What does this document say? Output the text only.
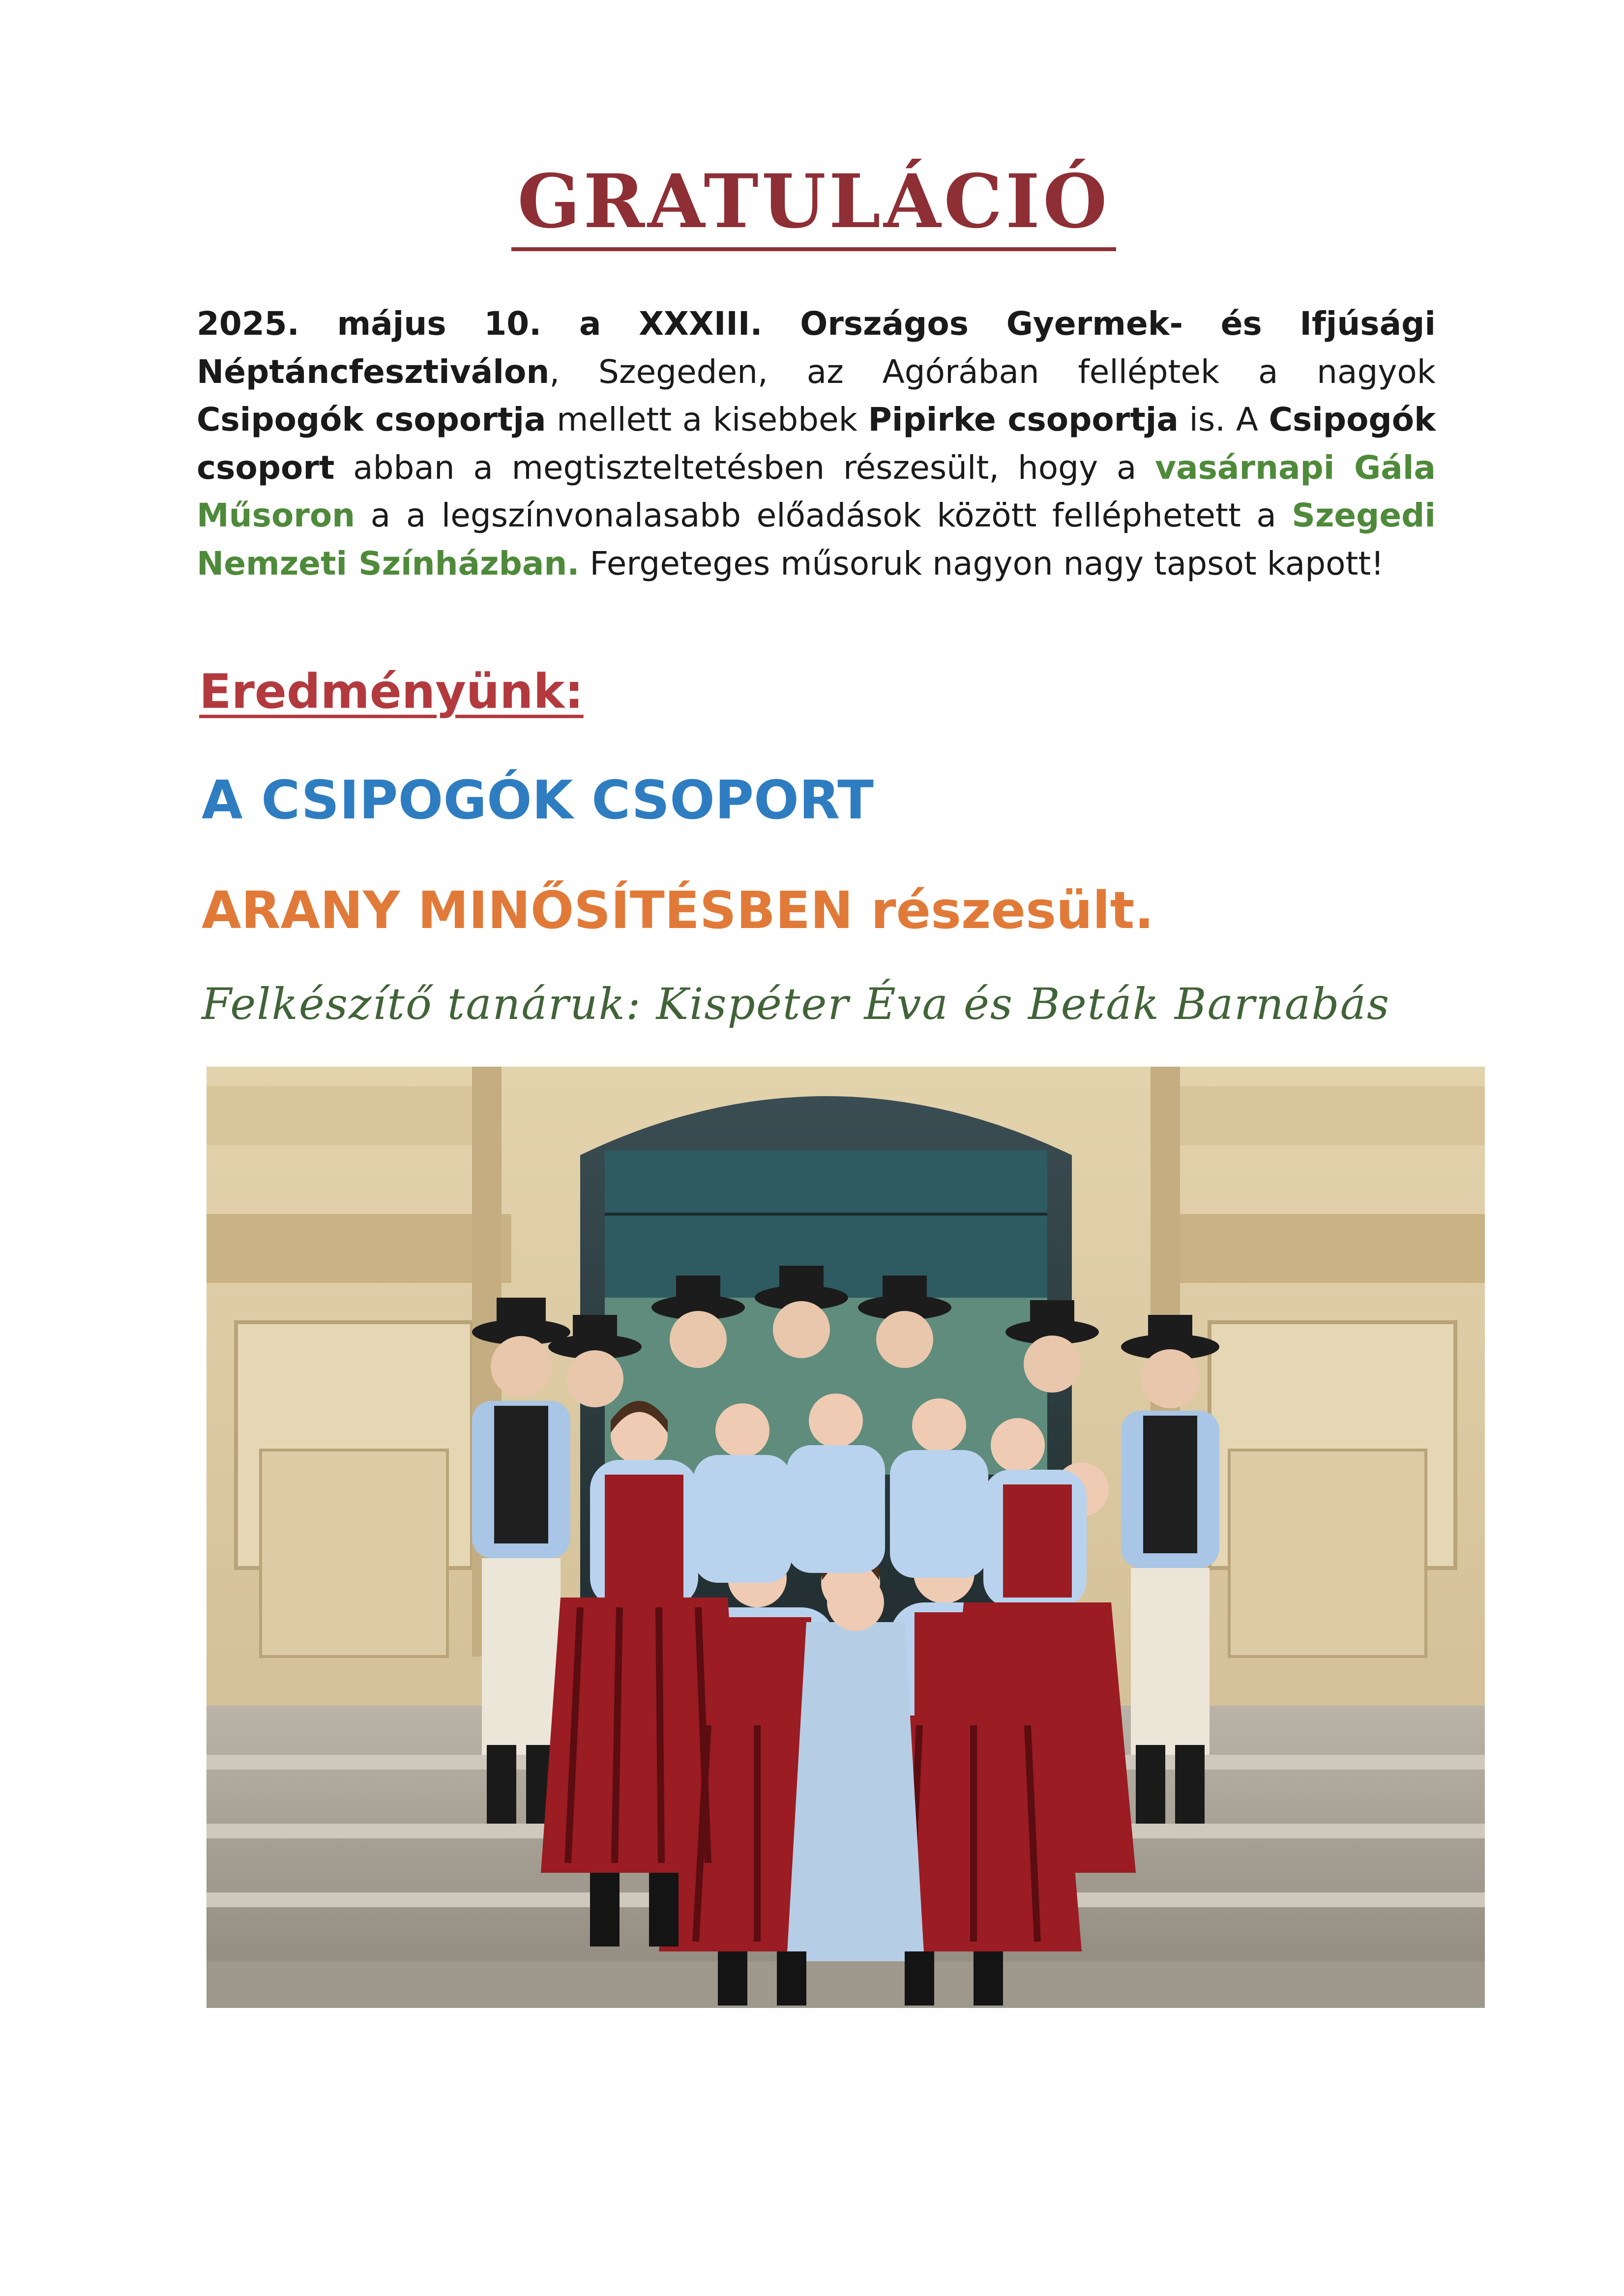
GRATULÁCIÓ
2025. május 10. a XXXIII. Országos Gyermek- és Ifjúsági Néptáncfesztiválon, Szegeden, az Agórában felléptek a nagyok Csipogók csoportja mellett a kisebbek Pipirke csoportja is. A Csipogók csoport abban a megtiszteltetésben részesült, hogy a vasárnapi Gála Műsoron a a legszínvonalasabb előadások között felléphetett a Szegedi Nemzeti Színházban. Fergeteges műsoruk nagyon nagy tapsot kapott!
Eredményünk:
A CSIPOGÓK CSOPORT
ARANY MINŐSÍTÉSBEN részesült.
Felkészítő tanáruk: Kispéter Éva és Beták Barnabás
